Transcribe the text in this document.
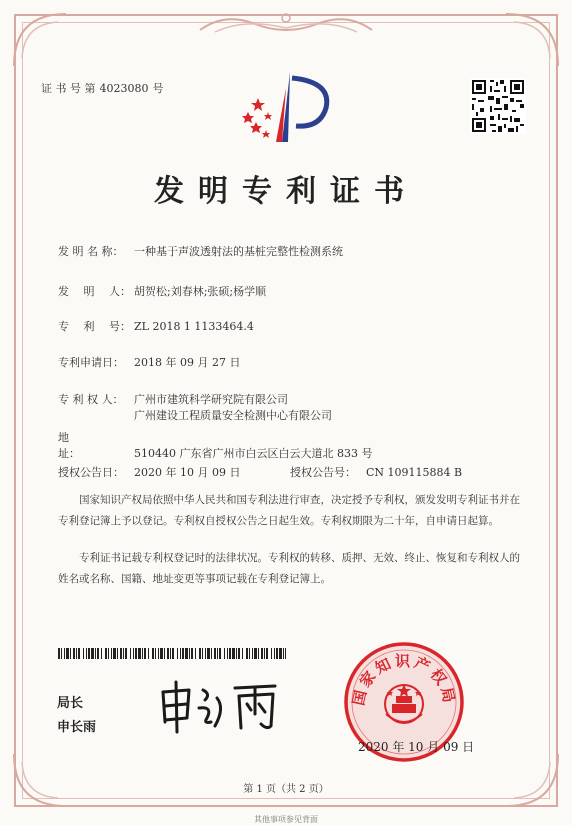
证 书 号 第 4023080 号
发明专利证书
发 明 名 称： 一种基于声波透射法的基桩完整性检测系统
发　 明　 人： 胡贺松;刘春林;张硕;杨学顺
专　 利　 号： ZL 2018 1 1133464.4
专利申请日： 2018 年 09 月 27 日
专 利 权 人： 广州市建筑科学研究院有限公司
广州建设工程质量安全检测中心有限公司
地　　　　址：	510440 广东省广州市白云区白云大道北 833 号
授权公告日： 2020 年 10 月 09 日	授权公告号： CN 109115884 B
国家知识产权局依照中华人民共和国专利法进行审查，决定授予专利权，颁发发明专利证书并在专利登记簿上予以登记。专利权自授权公告之日起生效。专利权期限为二十年，自申请日起算。
专利证书记载专利权登记时的法律状况。专利权的转移、质押、无效、终止、恢复和专利权人的姓名或名称、国籍、地址变更等事项记载在专利登记簿上。
局长
申长雨
国家知识产权局
2020 年 10 月 09 日
第 1 页（共 2 页）
其他事项参见背面
